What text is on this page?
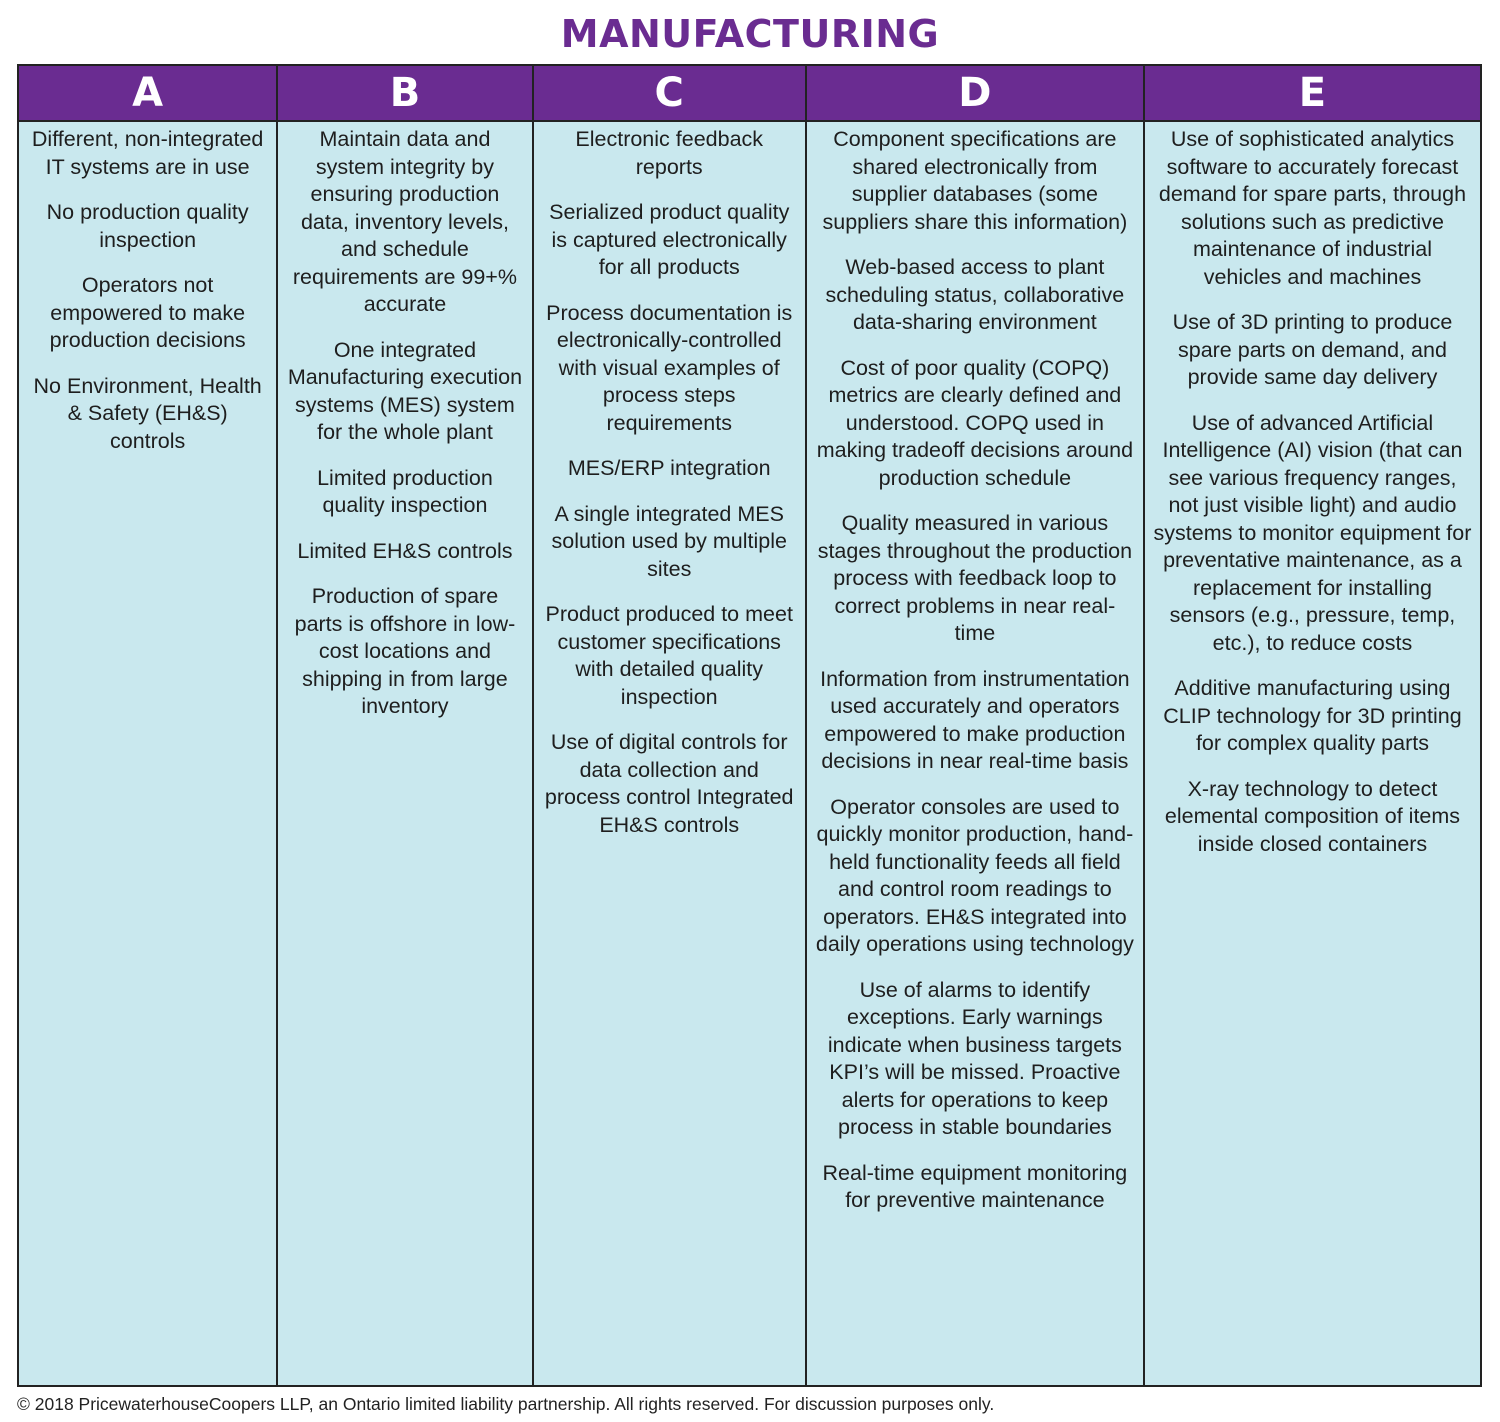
MANUFACTURING
A

Different, non-integrated IT systems are in use

No production quality inspection

Operators not empowered to make production decisions

No Environment, Health & Safety (EH&S) controls

B

Maintain data and system integrity by ensuring production data, inventory levels, and schedule requirements are 99+% accurate

One integrated Manufacturing execution systems (MES) system for the whole plant

Limited production quality inspection

Limited EH&S controls

Production of spare parts is offshore in low-cost locations and shipping in from large inventory

C

Electronic feedback reports

Serialized product quality is captured electronically for all products

Process documentation is electronically-controlled with visual examples of process steps requirements

MES/ERP integration

A single integrated MES solution used by multiple sites

Product produced to meet customer specifications with detailed quality inspection

Use of digital controls for data collection and process control Integrated EH&S controls

D

Component specifications are shared electronically from supplier databases (some suppliers share this information)

Web-based access to plant scheduling status, collaborative data-sharing environment

Cost of poor quality (COPQ) metrics are clearly defined and understood. COPQ used in making tradeoff decisions around production schedule

Quality measured in various stages throughout the production process with feedback loop to correct problems in near real-time

Information from instrumentation used accurately and operators empowered to make production decisions in near real-time basis

Operator consoles are used to quickly monitor production, hand-held functionality feeds all field and control room readings to operators. EH&S integrated into daily operations using technology

Use of alarms to identify exceptions. Early warnings indicate when business targets KPI’s will be missed. Proactive alerts for operations to keep process in stable boundaries

Real-time equipment monitoring for preventive maintenance

E

Use of sophisticated analytics software to accurately forecast demand for spare parts, through solutions such as predictive maintenance of industrial vehicles and machines

Use of 3D printing to produce spare parts on demand, and provide same day delivery

Use of advanced Artificial Intelligence (AI) vision (that can see various frequency ranges, not just visible light) and audio systems to monitor equipment for preventative maintenance, as a replacement for installing sensors (e.g., pressure, temp, etc.), to reduce costs

Additive manufacturing using CLIP technology for 3D printing for complex quality parts

X-ray technology to detect elemental composition of items inside closed containers

© 2018 PricewaterhouseCoopers LLP, an Ontario limited liability partnership. All rights reserved. For discussion purposes only.
